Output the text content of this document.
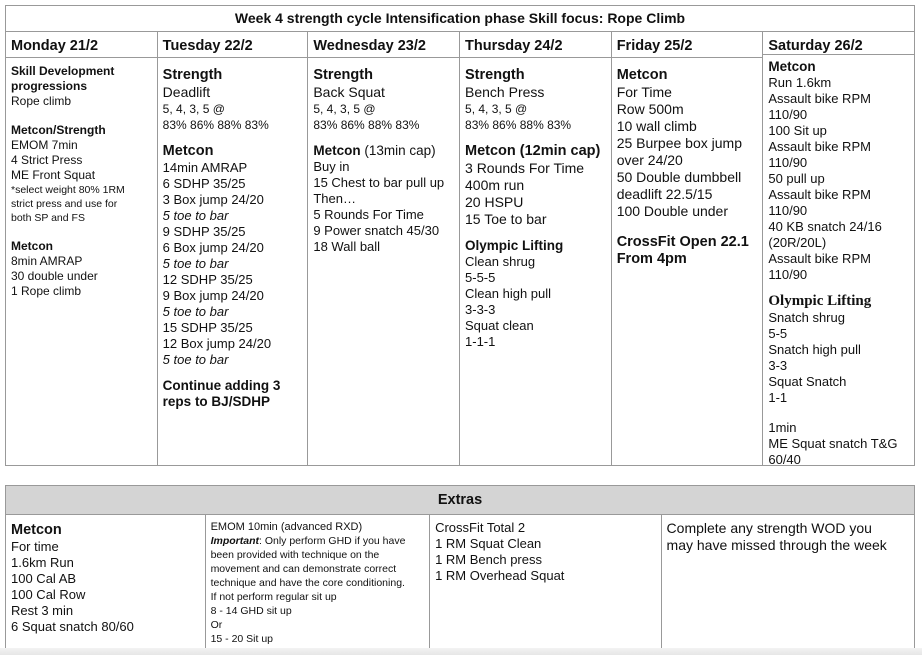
Week 4 strength cycle Intensification phase Skill focus: Rope Climb
Monday 21/2
Skill Development
progressions
Rope climb
Metcon/Strength
EMOM 7min
4 Strict Press
ME Front Squat
*select weight 80% 1RM
strict press and use for
both SP and FS
Metcon
8min AMRAP
30 double under
1 Rope climb
Tuesday 22/2
Strength
Deadlift
5, 4, 3, 5 @
83% 86% 88% 83%
Metcon
14min AMRAP
6 SDHP 35/25
3 Box jump 24/20
5 toe to bar
9 SDHP 35/25
6 Box jump 24/20
5 toe to bar
12 SDHP 35/25
9 Box jump 24/20
5 toe to bar
15 SDHP 35/25
12 Box jump 24/20
5 toe to bar
Continue adding 3
reps to BJ/SDHP
Wednesday 23/2
Strength
Back Squat
5, 4, 3, 5 @
83% 86% 88% 83%
Metcon (13min cap)
Buy in
15 Chest to bar pull up
Then…
5 Rounds For Time
9 Power snatch 45/30
18 Wall ball
Thursday 24/2
Strength
Bench Press
5, 4, 3, 5 @
83% 86% 88% 83%
Metcon (12min cap)
3 Rounds For Time
400m run
20 HSPU
15 Toe to bar
Olympic Lifting
Clean shrug
5-5-5
Clean high pull
3-3-3
Squat clean
1-1-1
Friday 25/2
Metcon
For Time
Row 500m
10 wall climb
25 Burpee box jump
over 24/20
50 Double dumbbell
deadlift 22.5/15
100 Double under
CrossFit Open 22.1
From 4pm
Saturday 26/2
Metcon
Run 1.6km
Assault bike RPM
110/90
100 Sit up
Assault bike RPM
110/90
50 pull up
Assault bike RPM
110/90
40 KB snatch 24/16
(20R/20L)
Assault bike RPM
110/90
Olympic Lifting
Snatch shrug
5-5
Snatch high pull
3-3
Squat Snatch
1-1
1min
ME Squat snatch T&G
60/40
Extras
Metcon
For time
1.6km Run
100 Cal AB
100 Cal Row
Rest 3 min
6 Squat snatch 80/60
EMOM 10min (advanced RXD)
Important: Only perform GHD if you have
been provided with technique on the
movement and can demonstrate correct
technique and have the core conditioning.
If not perform regular sit up
8 - 14 GHD sit up
Or
15 - 20 Sit up
CrossFit Total 2
1 RM Squat Clean
1 RM Bench press
1 RM Overhead Squat
Complete any strength WOD you
may have missed through the week
